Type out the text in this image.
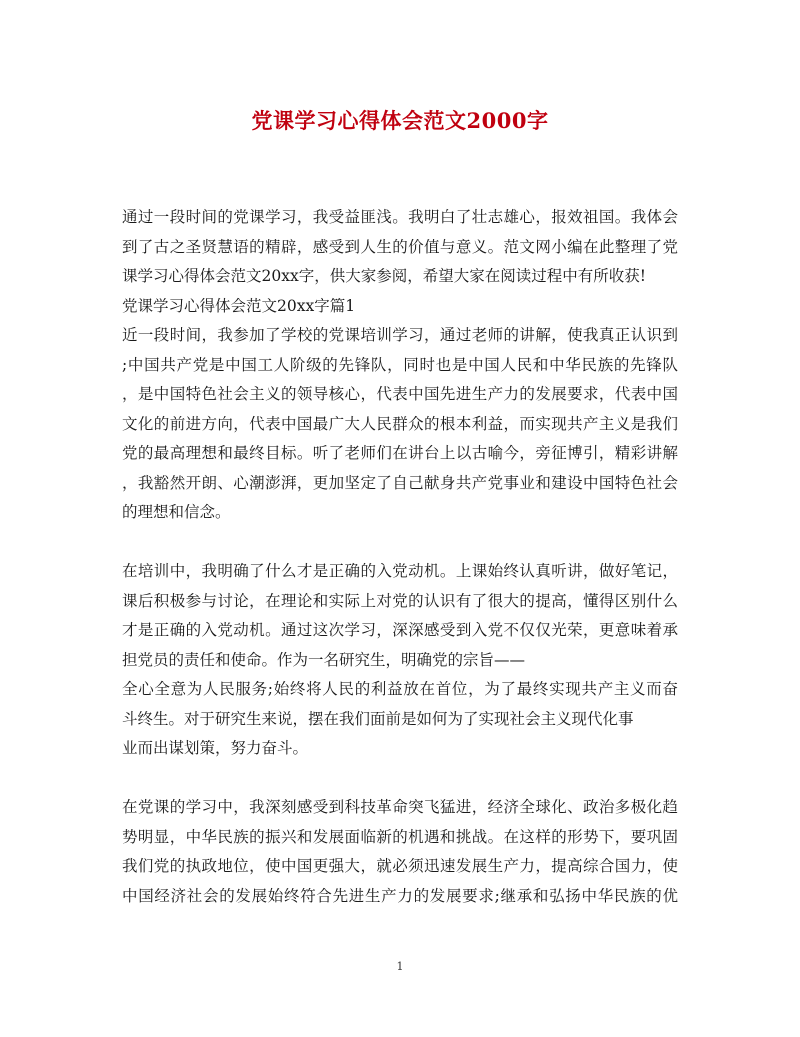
党课学习心得体会范文2000字
通过一段时间的党课学习，我受益匪浅。我明白了壮志雄心，报效祖国。我体会
到了古之圣贤慧语的精辟，感受到人生的价值与意义。范文网小编在此整理了党
课学习心得体会范文20xx字，供大家参阅，希望大家在阅读过程中有所收获!
党课学习心得体会范文20xx字篇1
近一段时间，我参加了学校的党课培训学习，通过老师的讲解，使我真正认识到
;中国共产党是中国工人阶级的先锋队，同时也是中国人民和中华民族的先锋队
，是中国特色社会主义的领导核心，代表中国先进生产力的发展要求，代表中国
文化的前进方向，代表中国最广大人民群众的根本利益，而实现共产主义是我们
党的最高理想和最终目标。听了老师们在讲台上以古喻今，旁征博引，精彩讲解
，我豁然开朗、心潮澎湃，更加坚定了自己献身共产党事业和建设中国特色社会
的理想和信念。
在培训中，我明确了什么才是正确的入党动机。上课始终认真听讲，做好笔记，
课后积极参与讨论，在理论和实际上对党的认识有了很大的提高，懂得区别什么
才是正确的入党动机。通过这次学习，深深感受到入党不仅仅光荣，更意味着承
担党员的责任和使命。作为一名研究生，明确党的宗旨——
全心全意为人民服务;始终将人民的利益放在首位，为了最终实现共产主义而奋
斗终生。对于研究生来说，摆在我们面前是如何为了实现社会主义现代化事
业而出谋划策，努力奋斗。
在党课的学习中，我深刻感受到科技革命突飞猛进，经济全球化、政治多极化趋
势明显，中华民族的振兴和发展面临新的机遇和挑战。在这样的形势下，要巩固
我们党的执政地位，使中国更强大，就必须迅速发展生产力，提高综合国力，使
中国经济社会的发展始终符合先进生产力的发展要求;继承和弘扬中华民族的优
1
